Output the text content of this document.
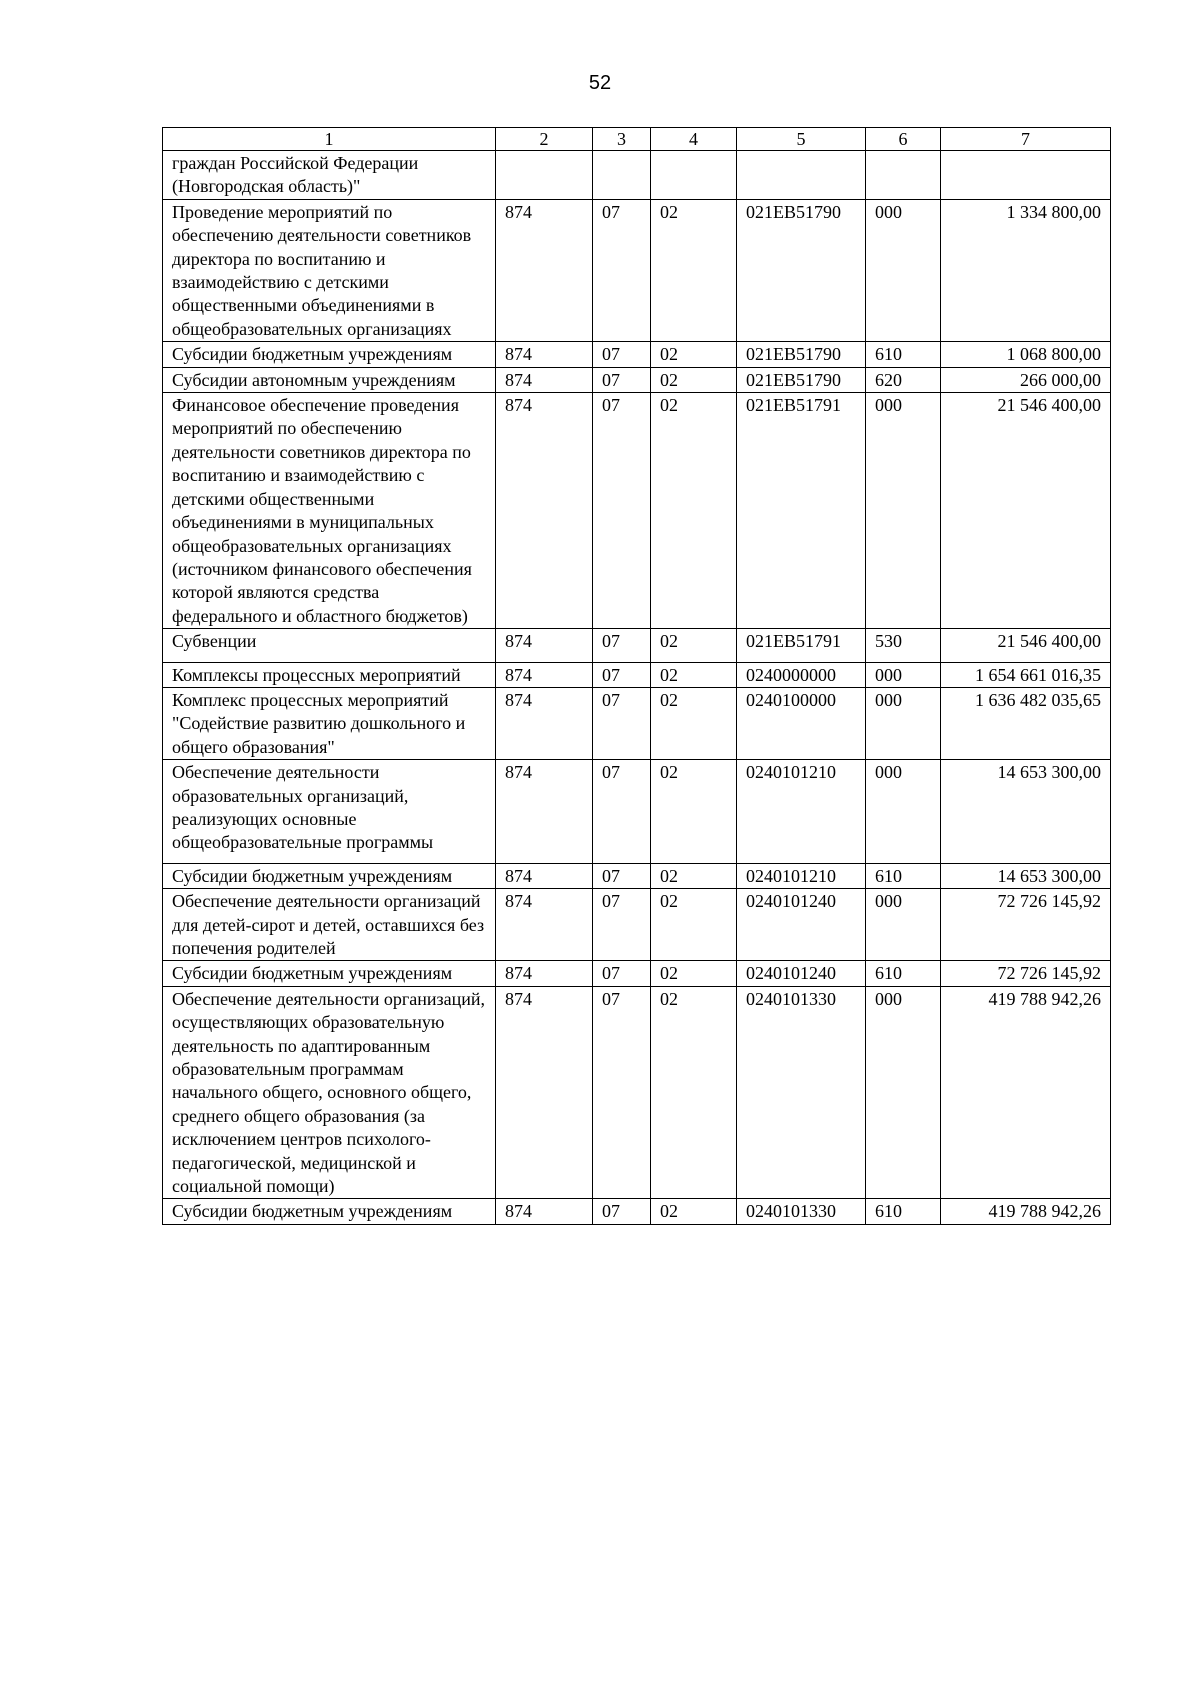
52
1	2	3	4	5	6	7
граждан Российской Федерации (Новгородская область)"						
Проведение мероприятий по обеспечению деятельности советников директора по воспитанию и взаимодействию с детскими общественными объединениями в общеобразовательных организациях	874	07	02	021EB51790	000	1 334 800,00
Субсидии бюджетным учреждениям	874	07	02	021EB51790	610	1 068 800,00
Субсидии автономным учреждениям	874	07	02	021EB51790	620	266 000,00
Финансовое обеспечение проведения мероприятий по обеспечению деятельности советников директора по воспитанию и взаимодействию с детскими общественными объединениями в муниципальных общеобразовательных организациях (источником финансового обеспечения которой являются средства федерального и областного бюджетов)	874	07	02	021EB51791	000	21 546 400,00
Субвенции	874	07	02	021EB51791	530	21 546 400,00
Комплексы процессных мероприятий	874	07	02	0240000000	000	1 654 661 016,35
Комплекс процессных мероприятий "Содействие развитию дошкольного и общего образования"	874	07	02	0240100000	000	1 636 482 035,65
Обеспечение деятельности образовательных организаций, реализующих основные общеобразовательные программы	874	07	02	0240101210	000	14 653 300,00
Субсидии бюджетным учреждениям	874	07	02	0240101210	610	14 653 300,00
Обеспечение деятельности организаций для детей-сирот и детей, оставшихся без попечения родителей	874	07	02	0240101240	000	72 726 145,92
Субсидии бюджетным учреждениям	874	07	02	0240101240	610	72 726 145,92
Обеспечение деятельности организаций, осуществляющих образовательную деятельность по адаптированным образовательным программам начального общего, основного общего, среднего общего образования (за исключением центров психолого-педагогической, медицинской и социальной помощи)	874	07	02	0240101330	000	419 788 942,26
Субсидии бюджетным учреждениям	874	07	02	0240101330	610	419 788 942,26
